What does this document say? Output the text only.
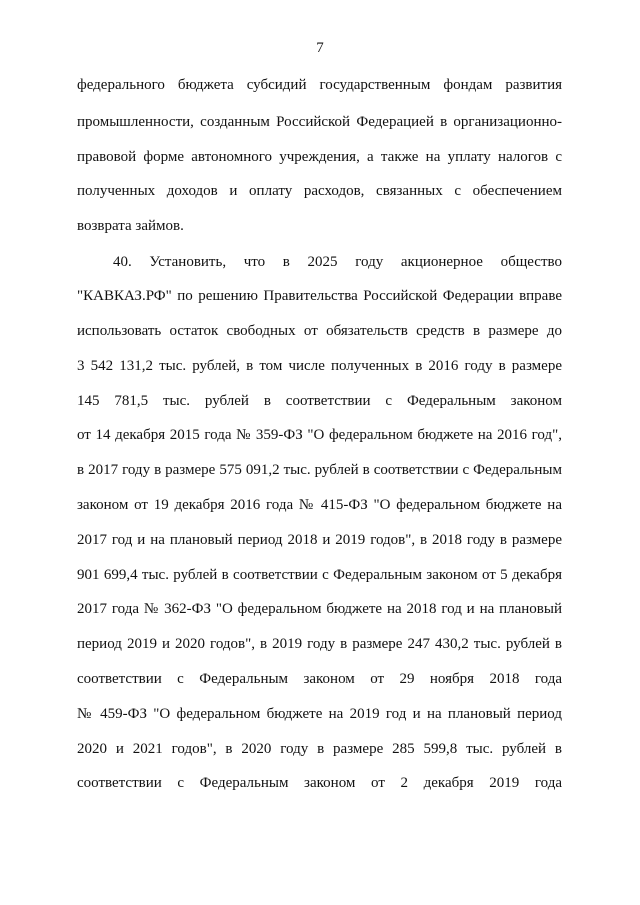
7
федерального бюджета субсидий государственным фондам развития
промышленности, созданным Российской Федерацией в организационно-
правовой форме автономного учреждения, а также на уплату налогов с
полученных доходов и оплату расходов, связанных с обеспечением
возврата займов.
40. Установить, что в 2025 году акционерное общество
"КАВКАЗ.РФ" по решению Правительства Российской Федерации вправе
использовать остаток свободных от обязательств средств в размере до
3 542 131,2 тыс. рублей, в том числе полученных в 2016 году в размере
145 781,5 тыс. рублей в соответствии с Федеральным законом
от 14 декабря 2015 года № 359-ФЗ "О федеральном бюджете на 2016 год",
в 2017 году в размере 575 091,2 тыс. рублей в соответствии с Федеральным
законом от 19 декабря 2016 года № 415-ФЗ "О федеральном бюджете на
2017 год и на плановый период 2018 и 2019 годов", в 2018 году в размере
901 699,4 тыс. рублей в соответствии с Федеральным законом от 5 декабря
2017 года № 362-ФЗ "О федеральном бюджете на 2018 год и на плановый
период 2019 и 2020 годов", в 2019 году в размере 247 430,2 тыс. рублей в
соответствии с Федеральным законом от 29 ноября 2018 года
№ 459-ФЗ "О федеральном бюджете на 2019 год и на плановый период
2020 и 2021 годов", в 2020 году в размере 285 599,8 тыс. рублей в
соответствии с Федеральным законом от 2 декабря 2019 года
